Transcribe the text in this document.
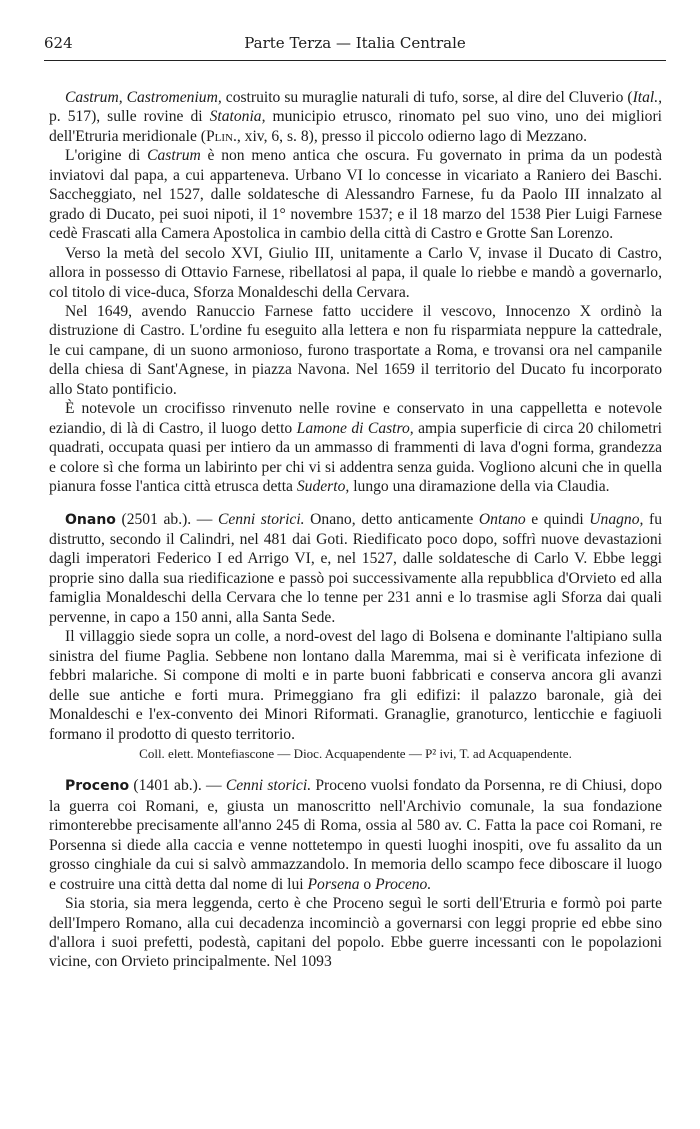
624	Parte Terza — Italia Centrale

Castrum, Castromenium, costruito su muraglie naturali di tufo, sorse, al dire del Cluverio (Ital., p. 517), sulle rovine di Statonia, municipio etrusco, rinomato pel suo vino, uno dei migliori dell'Etruria meridionale (Plin., xiv, 6, s. 8), presso il piccolo odierno lago di Mezzano.

L'origine di Castrum è non meno antica che oscura. Fu governato in prima da un podestà inviatovi dal papa, a cui apparteneva. Urbano VI lo concesse in vicariato a Raniero dei Baschi. Saccheggiato, nel 1527, dalle soldatesche di Alessandro Farnese, fu da Paolo III innalzato al grado di Ducato, pei suoi nipoti, il 1° novembre 1537; e il 18 marzo del 1538 Pier Luigi Farnese cedè Frascati alla Camera Apostolica in cambio della città di Castro e Grotte San Lorenzo.

Verso la metà del secolo XVI, Giulio III, unitamente a Carlo V, invase il Ducato di Castro, allora in possesso di Ottavio Farnese, ribellatosi al papa, il quale lo riebbe e mandò a governarlo, col titolo di vice-duca, Sforza Monaldeschi della Cervara.

Nel 1649, avendo Ranuccio Farnese fatto uccidere il vescovo, Innocenzo X ordinò la distruzione di Castro. L'ordine fu eseguito alla lettera e non fu risparmiata neppure la cattedrale, le cui campane, di un suono armonioso, furono trasportate a Roma, e trovansi ora nel campanile della chiesa di Sant'Agnese, in piazza Navona. Nel 1659 il territorio del Ducato fu incorporato allo Stato pontificio.

È notevole un crocifisso rinvenuto nelle rovine e conservato in una cappelletta e notevole eziandio, di là di Castro, il luogo detto Lamone di Castro, ampia superficie di circa 20 chilometri quadrati, occupata quasi per intiero da un ammasso di frammenti di lava d'ogni forma, grandezza e colore sì che forma un labirinto per chi vi si addentra senza guida. Vogliono alcuni che in quella pianura fosse l'antica città etrusca detta Suderto, lungo una diramazione della via Claudia.

Onano (2501 ab.). — Cenni storici. Onano, detto anticamente Ontano e quindi Unagno, fu distrutto, secondo il Calindri, nel 481 dai Goti. Riedificato poco dopo, soffrì nuove devastazioni dagli imperatori Federico I ed Arrigo VI, e, nel 1527, dalle soldatesche di Carlo V. Ebbe leggi proprie sino dalla sua riedificazione e passò poi successivamente alla repubblica d'Orvieto ed alla famiglia Monaldeschi della Cervara che lo tenne per 231 anni e lo trasmise agli Sforza dai quali pervenne, in capo a 150 anni, alla Santa Sede.

Il villaggio siede sopra un colle, a nord-ovest del lago di Bolsena e dominante l'altipiano sulla sinistra del fiume Paglia. Sebbene non lontano dalla Maremma, mai si è verificata infezione di febbri malariche. Si compone di molti e in parte buoni fabbricati e conserva ancora gli avanzi delle sue antiche e forti mura. Primeggiano fra gli edifizi: il palazzo baronale, già dei Monaldeschi e l'ex-convento dei Minori Riformati. Granaglie, granoturco, lenticchie e fagiuoli formano il prodotto di questo territorio.

Coll. elett. Montefiascone — Dioc. Acquapendente — P² ivi, T. ad Acquapendente.

Proceno (1401 ab.). — Cenni storici. Proceno vuolsi fondato da Porsenna, re di Chiusi, dopo la guerra coi Romani, e, giusta un manoscritto nell'Archivio comunale, la sua fondazione rimonterebbe precisamente all'anno 245 di Roma, ossia al 580 av. C. Fatta la pace coi Romani, re Porsenna si diede alla caccia e venne nottetempo in questi luoghi inospiti, ove fu assalito da un grosso cinghiale da cui si salvò ammazzandolo. In memoria dello scampo fece diboscare il luogo e costruire una città detta dal nome di lui Porsena o Proceno.

Sia storia, sia mera leggenda, certo è che Proceno seguì le sorti dell'Etruria e formò poi parte dell'Impero Romano, alla cui decadenza incominciò a governarsi con leggi proprie ed ebbe sino d'allora i suoi prefetti, podestà, capitani del popolo. Ebbe guerre incessanti con le popolazioni vicine, con Orvieto principalmente. Nel 1093
